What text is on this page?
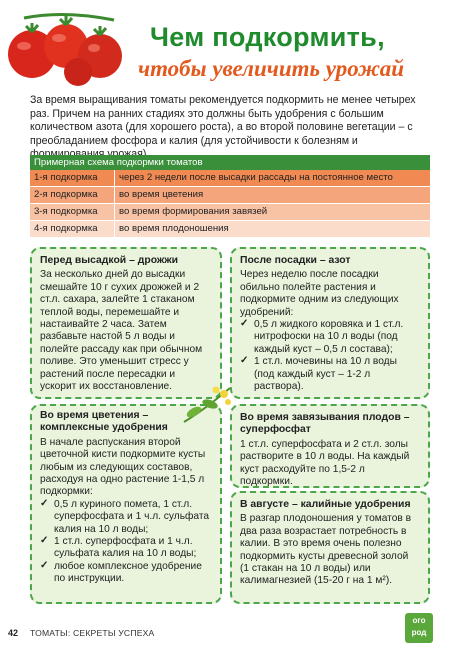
Чем подкормить,
чтобы увеличить урожай
За время выращивания томаты рекомендуется подкормить не менее четырех раз. Причем на ранних стадиях это должны быть удобрения с большим количеством азота (для хорошего роста), а во второй половине вегетации – с преобладанием фосфора и калия (для устойчивости к болезням и
Примерная схема подкормки томатов
1-я подкормка	через 2 недели после высадки рассады на постоянное место
2-я подкормка	во время цветения
3-я подкормка	во время формирования завязей
4-я подкормка	во время плодоношения
Перед высадкой – дрожжи

За несколько дней до высадки смешайте 10 г сухих дрожжей и 2 ст.л. сахара, залейте 1 стаканом теплой воды, перемешайте и настаивайте 2 часа. Затем разбавьте настой 5 л воды и полейте рассаду как при обычном поливе. Это уменьшит стресс у растений после пересадки и ускорит их восстановление.

После посадки – азот

Через неделю после посадки обильно полейте растения и подкормите одним из следующих удобрений:

✓ 0,5 л жидкого коровяка и 1 ст.л. нитрофоски на 10 л воды (под каждый куст – 0,5 л состава);
✓ 1 ст.л. мочевины на 10 л воды (под каждый куст – 1-2 л раствора).
Во время цветения – комплексные удобрения

В начале распускания второй цветочной кисти подкормите кусты любым из следующих составов, расходуя на одно растение 1-1,5 л подкормки:

✓ 0,5 л куриного помета, 1 ст.л. суперфосфата и 1 ч.л. сульфата калия на 10 л воды;
✓ 1 ст.л. суперфосфата и 1 ч.л. сульфата калия на 10 л воды;
✓ любое комплексное удобрение по инструкции.
Во время завязывания плодов – суперфосфат

1 ст.л. суперфосфата и 2 ст.л. золы растворите в 10 л воды. На каждый куст расходуйте по 1,5-2 л подкормки.

В августе – калийные удобрения

В разгар плодоношения у томатов в два раза возрастает потребность в калии. В это время очень полезно подкормить кусты древесной золой (1 стакан на 10 л воды) или калимагнезией (15-20 г на 1 м²).

42 ТОМАТЫ: СЕКРЕТЫ УСПЕХА
ого
род
